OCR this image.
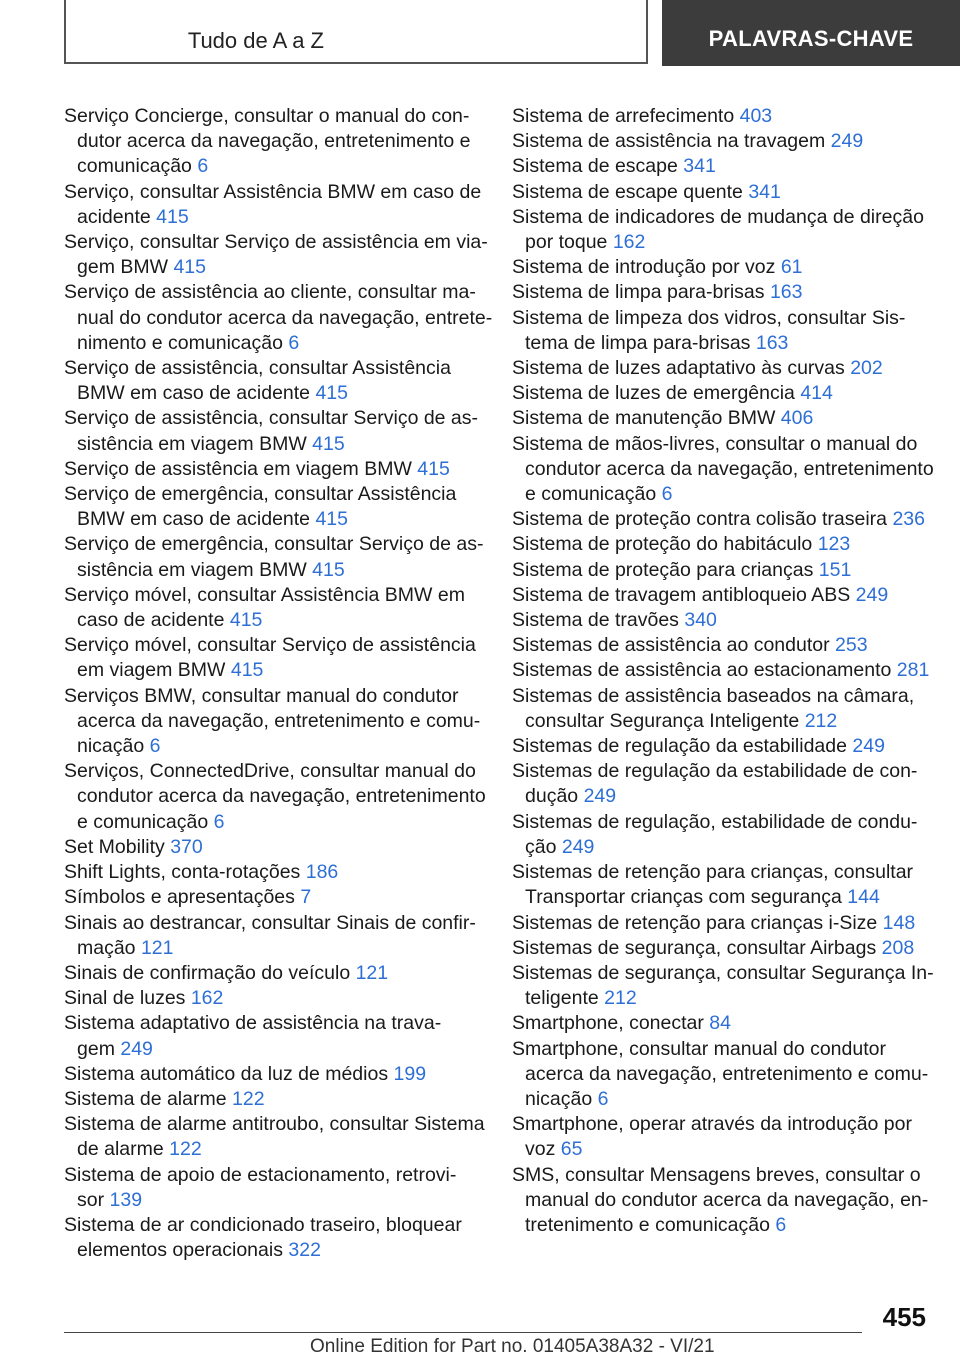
Tudo de A a Z	PALAVRAS-CHAVE
Serviço Concierge, consultar o manual do con-
dutor acerca da navegação, entretenimento e
comunicação 6
Serviço, consultar Assistência BMW em caso de
acidente 415
Serviço, consultar Serviço de assistência em via-
gem BMW 415
Serviço de assistência ao cliente, consultar ma-
nual do condutor acerca da navegação, entrete-
nimento e comunicação 6
Serviço de assistência, consultar Assistência
BMW em caso de acidente 415
Serviço de assistência, consultar Serviço de as-
sistência em viagem BMW 415
Serviço de assistência em viagem BMW 415
Serviço de emergência, consultar Assistência
BMW em caso de acidente 415
Serviço de emergência, consultar Serviço de as-
sistência em viagem BMW 415
Serviço móvel, consultar Assistência BMW em
caso de acidente 415
Serviço móvel, consultar Serviço de assistência
em viagem BMW 415
Serviços BMW, consultar manual do condutor
acerca da navegação, entretenimento e comu-
nicação 6
Serviços, ConnectedDrive, consultar manual do
condutor acerca da navegação, entretenimento
e comunicação 6
Set Mobility 370
Shift Lights, conta-rotações 186
Símbolos e apresentações 7
Sinais ao destrancar, consultar Sinais de confir-
mação 121
Sinais de confirmação do veículo 121
Sinal de luzes 162
Sistema adaptativo de assistência na trava-
gem 249
Sistema automático da luz de médios 199
Sistema de alarme 122
Sistema de alarme antitroubo, consultar Sistema
de alarme 122
Sistema de apoio de estacionamento, retrovi-
sor 139
Sistema de ar condicionado traseiro, bloquear
elementos operacionais 322
Sistema de arrefecimento 403
Sistema de assistência na travagem 249
Sistema de escape 341
Sistema de escape quente 341
Sistema de indicadores de mudança de direção
por toque 162
Sistema de introdução por voz 61
Sistema de limpa para-brisas 163
Sistema de limpeza dos vidros, consultar Sis-
tema de limpa para-brisas 163
Sistema de luzes adaptativo às curvas 202
Sistema de luzes de emergência 414
Sistema de manutenção BMW 406
Sistema de mãos-livres, consultar o manual do
condutor acerca da navegação, entretenimento
e comunicação 6
Sistema de proteção contra colisão traseira 236
Sistema de proteção do habitáculo 123
Sistema de proteção para crianças 151
Sistema de travagem antibloqueio ABS 249
Sistema de travões 340
Sistemas de assistência ao condutor 253
Sistemas de assistência ao estacionamento 281
Sistemas de assistência baseados na câmara,
consultar Segurança Inteligente 212
Sistemas de regulação da estabilidade 249
Sistemas de regulação da estabilidade de con-
dução 249
Sistemas de regulação, estabilidade de condu-
ção 249
Sistemas de retenção para crianças, consultar
Transportar crianças com segurança 144
Sistemas de retenção para crianças i-Size 148
Sistemas de segurança, consultar Airbags 208
Sistemas de segurança, consultar Segurança In-
teligente 212
Smartphone, conectar 84
Smartphone, consultar manual do condutor
acerca da navegação, entretenimento e comu-
nicação 6
Smartphone, operar através da introdução por
voz 65
SMS, consultar Mensagens breves, consultar o
manual do condutor acerca da navegação, en-
tretenimento e comunicação 6
455
Online Edition for Part no. 01405A38A32 - VI/21
